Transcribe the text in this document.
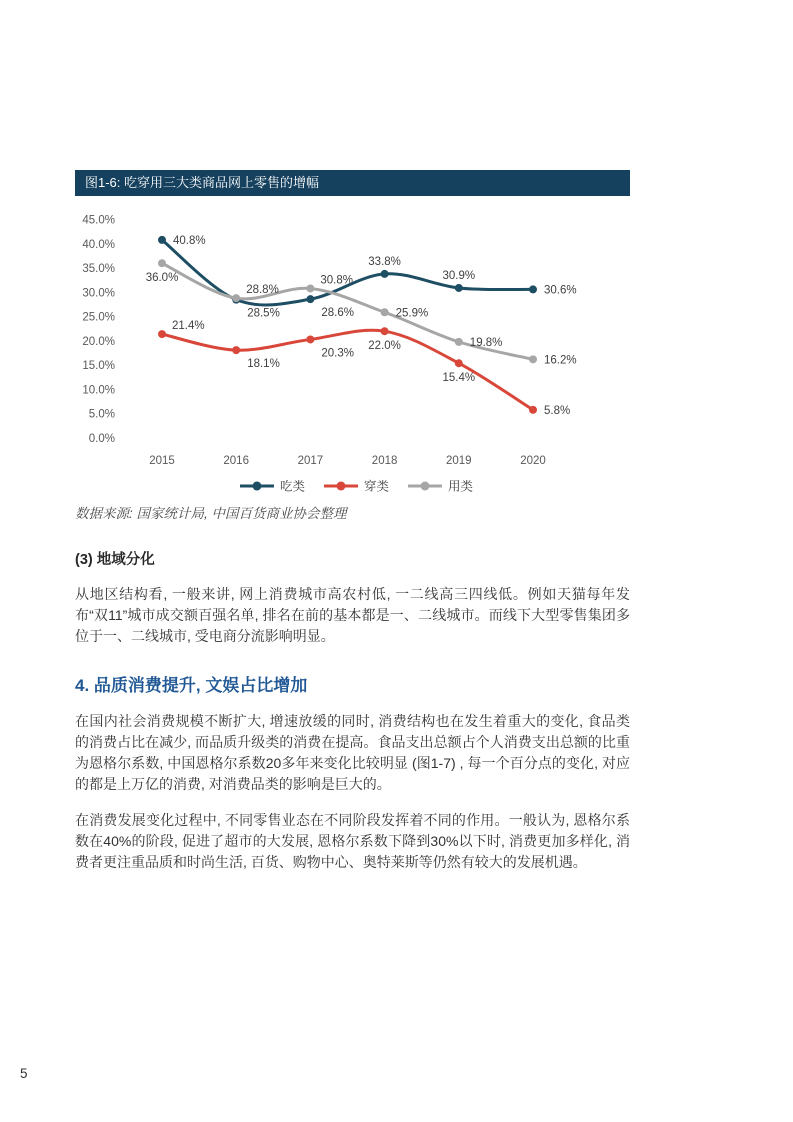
图1-6: 吃穿用三大类商品网上零售的增幅
0.0%
5.0%
10.0%
15.0%
20.0%
25.0%
30.0%
35.0%
40.0%
45.0%
2015	2016	2017	2018	2019	2020
40.8%
28.5%	28.6%
33.8%
30.9%
30.6%
21.4%
18.1%
20.3%
22.0%
15.4%
5.8%
36.0%
28.8%
30.8%
25.9%
19.8%
16.2%
吃类	穿类	用类
数据来源: 国家统计局, 中国百货商业协会整理
(3) 地域分化

从地区结构看, 一般来讲, 网上消费城市高农村低, 一二线高三四线低。例如天猫每年发布“双11”城市成交额百强名单, 排名在前的基本都是一、二线城市。而线下大型零售集团多位于一、二线城市, 受电商分流影响明显。

4. 品质消费提升, 文娱占比增加

在国内社会消费规模不断扩大, 增速放缓的同时, 消费结构也在发生着重大的变化, 食品类的消费占比在减少, 而品质升级类的消费在提高。食品支出总额占个人消费支出总额的比重为恩格尔系数, 中国恩格尔系数20多年来变化比较明显 (图1-7) , 每一个百分点的变化, 对应的都是上万亿的消费, 对消费品类的影响是巨大的。

在消费发展变化过程中, 不同零售业态在不同阶段发挥着不同的作用。一般认为, 恩格尔系数在40%的阶段, 促进了超市的大发展, 恩格尔系数下降到30%以下时, 消费更加多样化, 消费者更注重品质和时尚生活, 百货、购物中心、奥特莱斯等仍然有较大的发展机遇。

5
